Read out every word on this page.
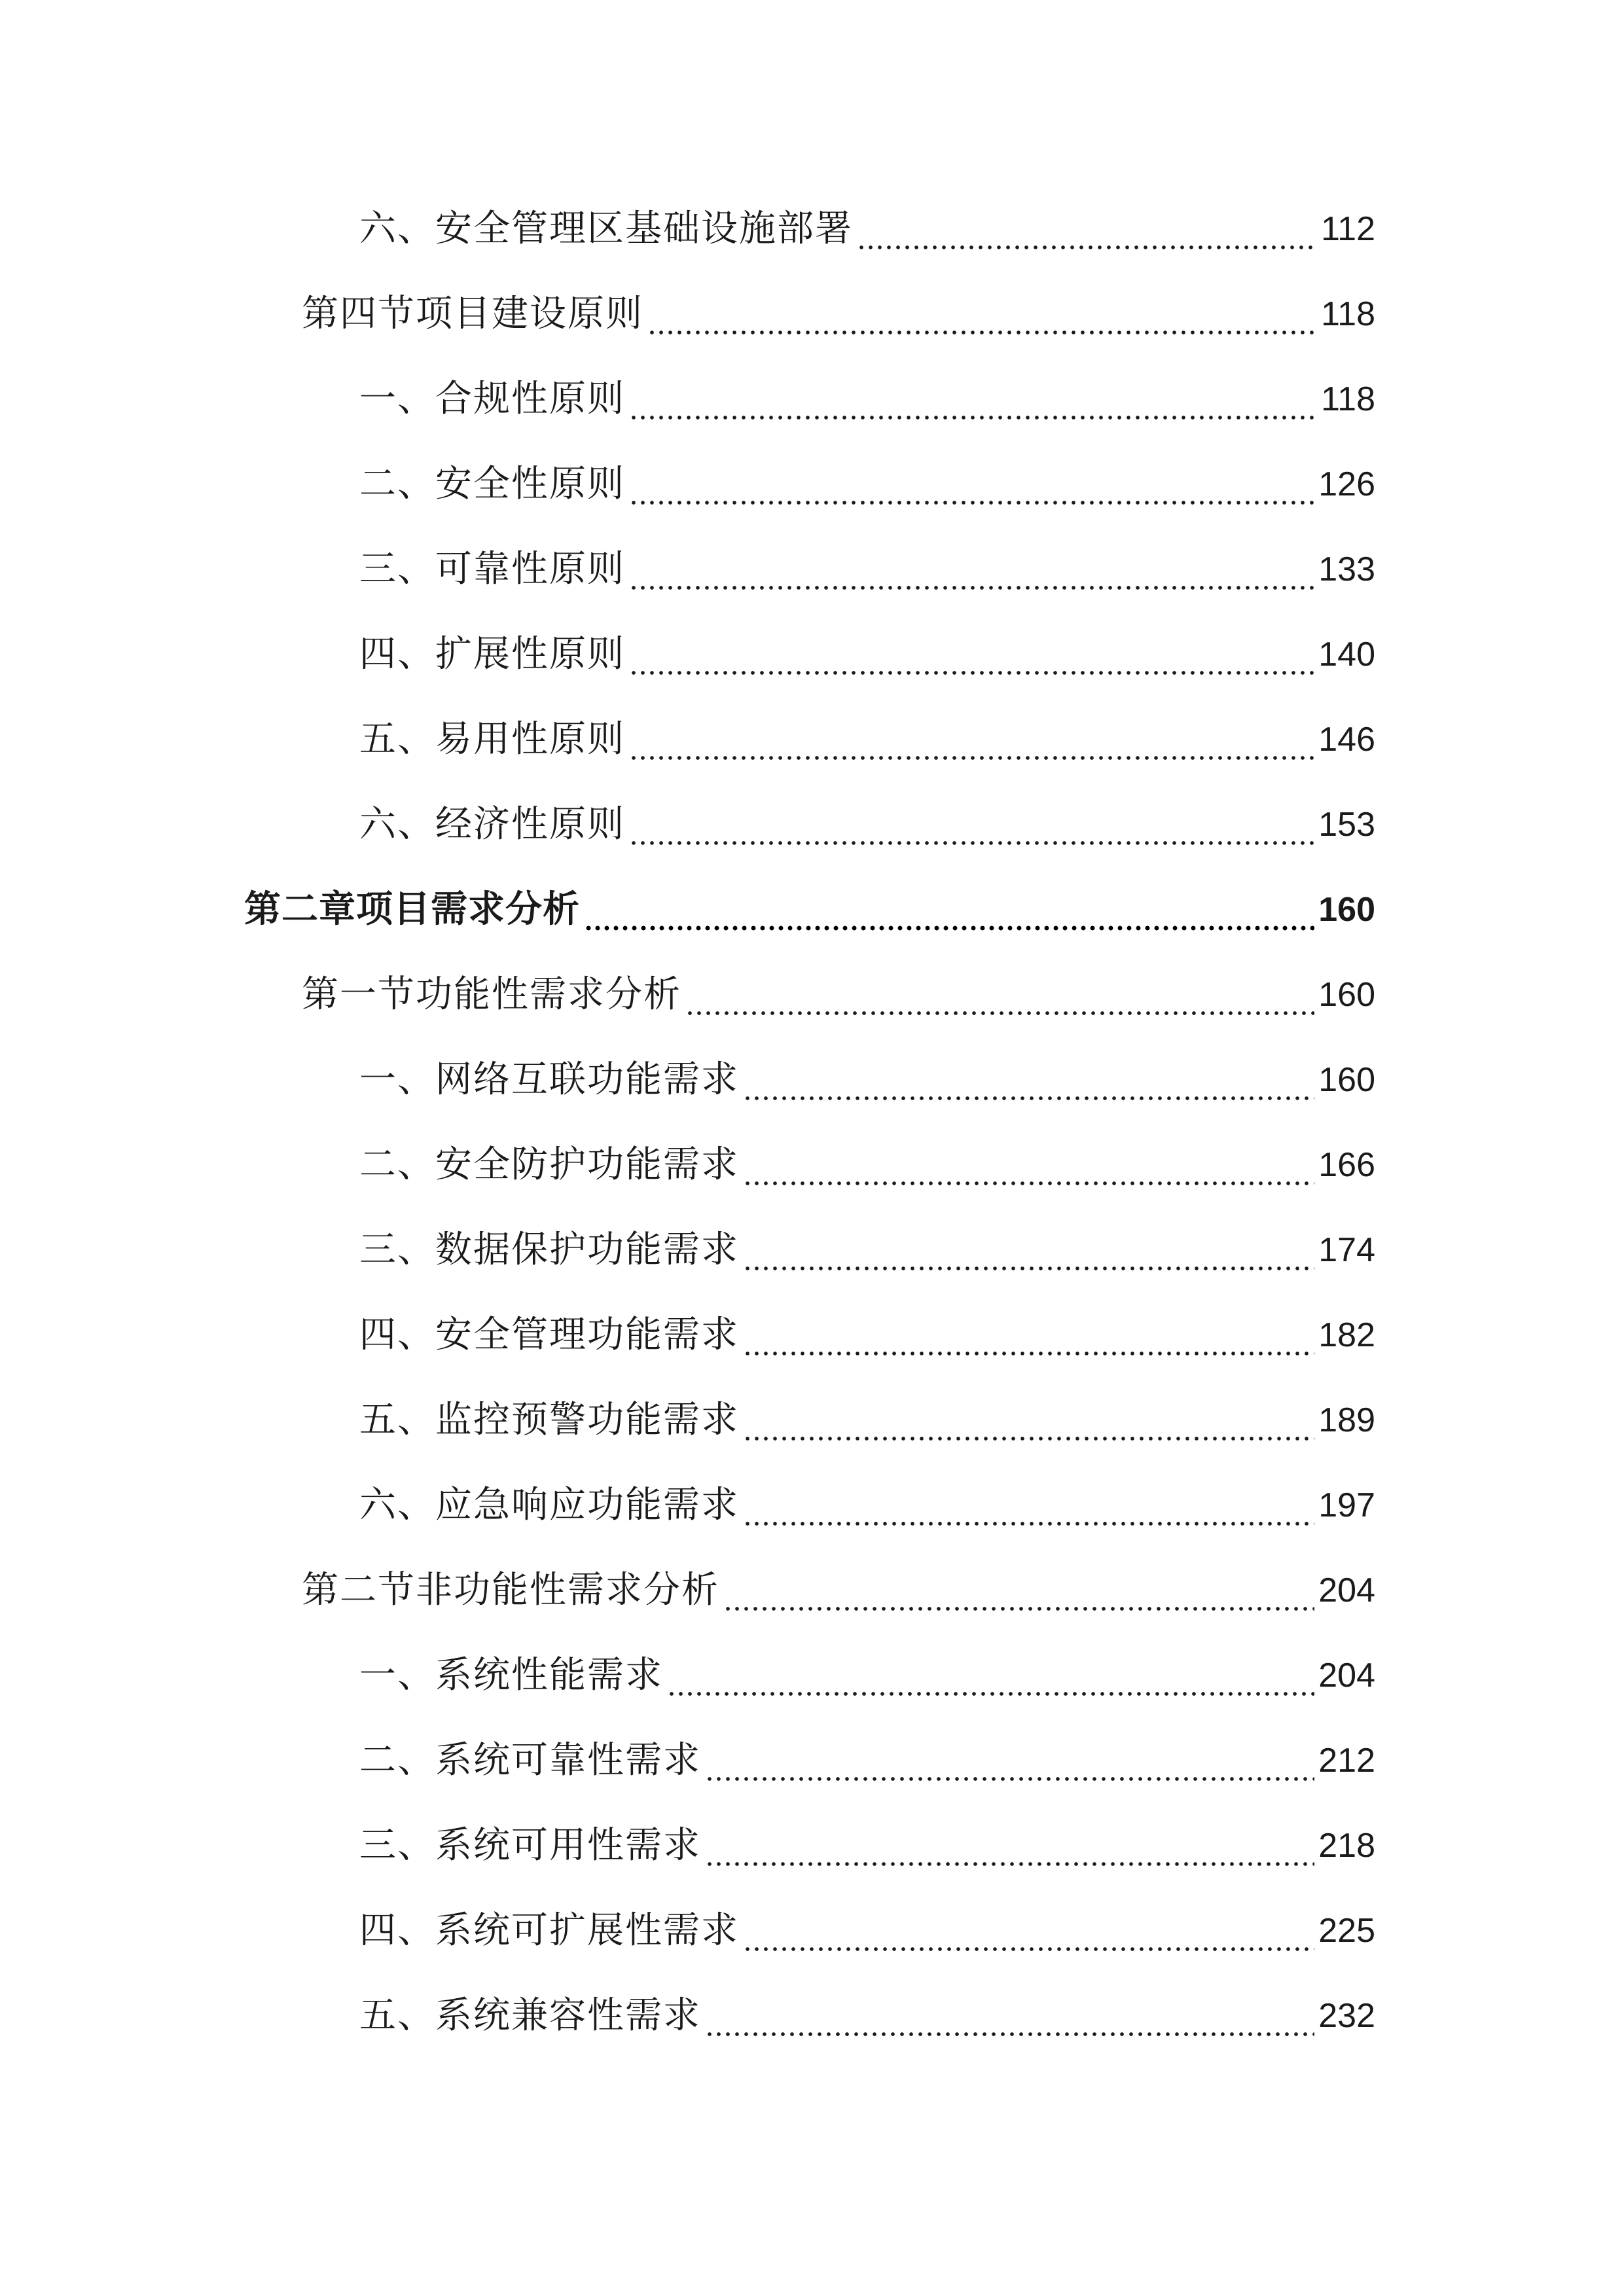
六、安全管理区基础设施部署	112
第四节项目建设原则	118
一、合规性原则	118
二、安全性原则	126
三、可靠性原则	133
四、扩展性原则	140
五、易用性原则	146
六、经济性原则	153
第二章项目需求分析	160
第一节功能性需求分析	160
一、网络互联功能需求	160
二、安全防护功能需求	166
三、数据保护功能需求	174
四、安全管理功能需求	182
五、监控预警功能需求	189
六、应急响应功能需求	197
第二节非功能性需求分析	204
一、系统性能需求	204
二、系统可靠性需求	212
三、系统可用性需求	218
四、系统可扩展性需求	225
五、系统兼容性需求	232
